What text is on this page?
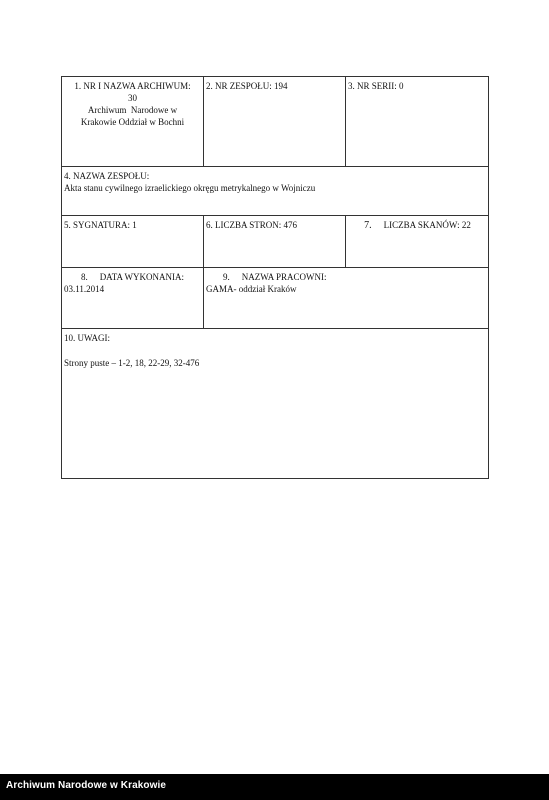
1. NR I NAZWA ARCHIWUM:
30
Archiwum  Narodowe w
Krakowie Oddział w Bochni
2. NR ZESPOŁU: 194	3. NR SERII: 0
4. NAZWA ZESPOŁU:
Akta stanu cywilnego izraelickiego okręgu metrykalnego w Wojniczu
5. SYGNATURA: 1	6. LICZBA STRON: 476	7. LICZBA SKANÓW: 22
8. DATA WYKONANIA:
03.11.2014
9. NAZWA PRACOWNI:
GAMA- oddział Kraków
10. UWAGI:
Strony puste – 1-2, 18, 22-29, 32-476
Archiwum Narodowe w Krakowie
